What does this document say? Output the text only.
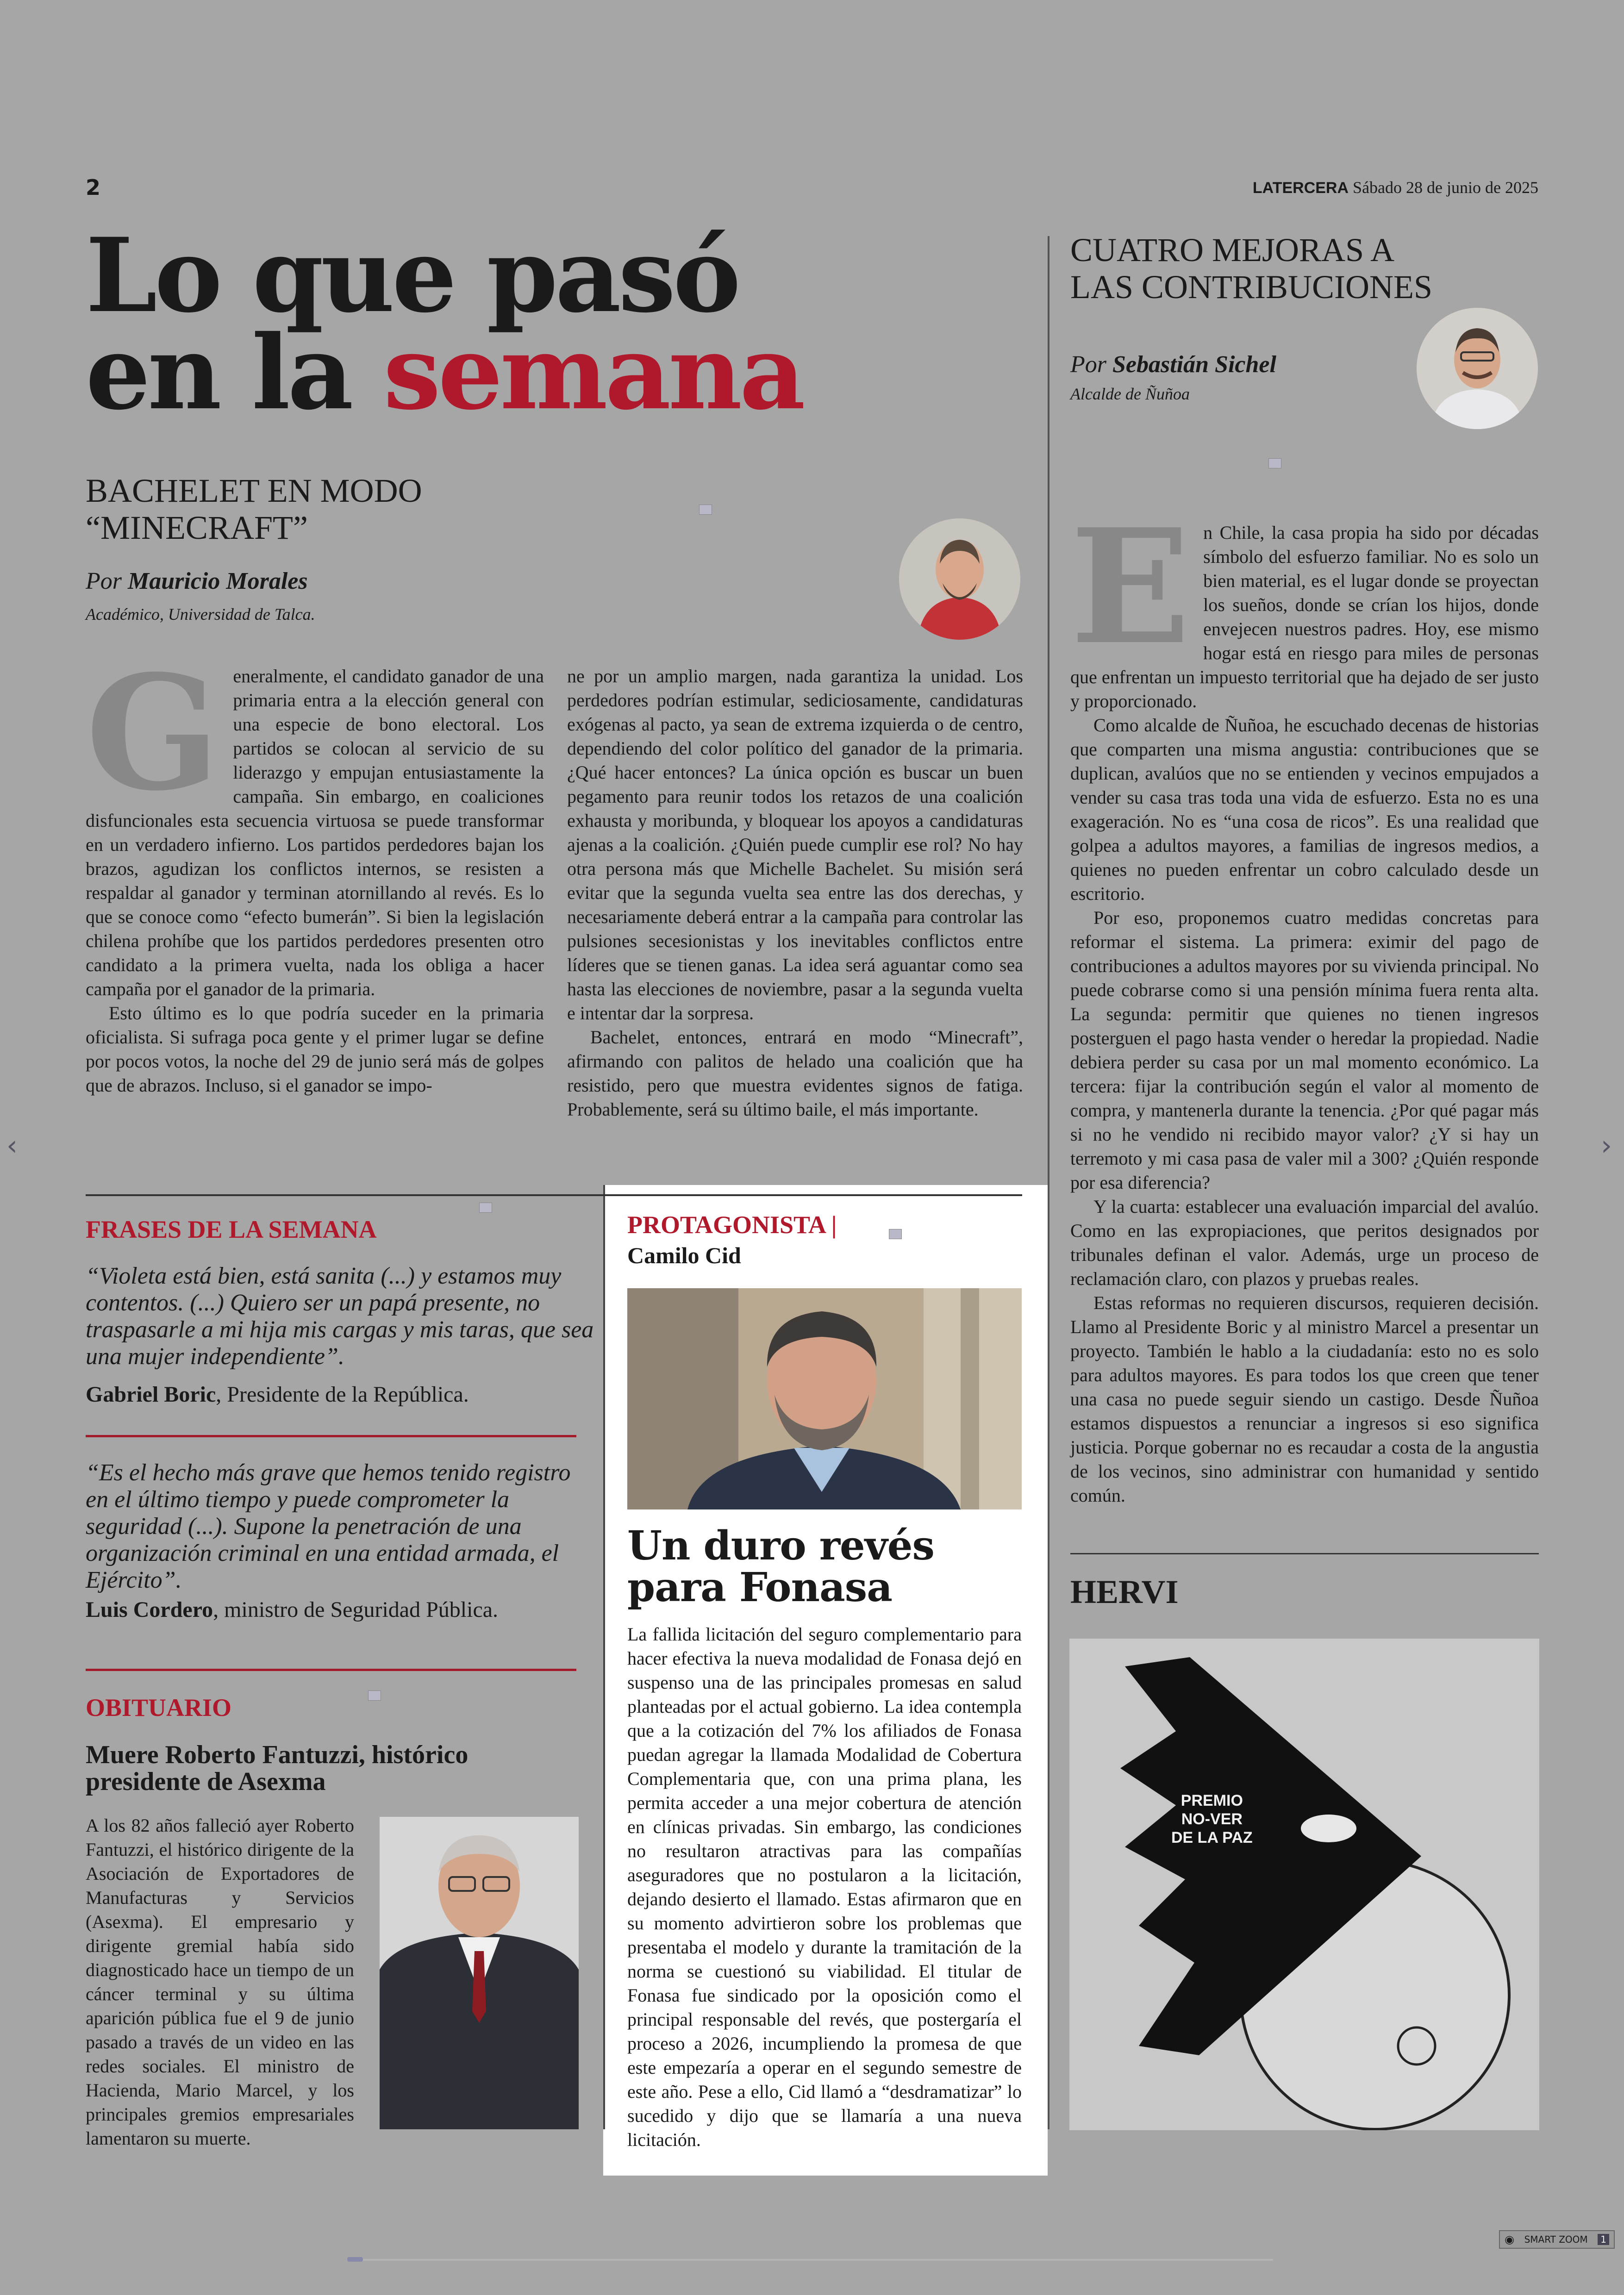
2	LATERCERA Sábado 28 de junio de 2025
Lo que pasó
en la semana
BACHELET EN MODO
“MINECRAFT”
Por Mauricio Morales
Académico, Universidad de Talca.
G eneralmente, el candidato ganador de una primaria entra a la elección general con una especie de bono electoral. Los partidos se colocan al servicio de su liderazgo y empujan entusiastamente la campaña. Sin embargo, en coaliciones disfuncionales esta secuencia virtuosa se puede transformar en un verdadero infierno. Los partidos perdedores bajan los brazos, agudizan los conflictos internos, se resisten a respaldar al ganador y terminan atornillando al revés. Es lo que se conoce como “efecto bumerán”. Si bien la legislación chilena prohíbe que los partidos perdedores presenten otro candidato a la primera vuelta, nada los obliga a hacer campaña por el ganador de la primaria.

Esto último es lo que podría suceder en la primaria oficialista. Si sufraga poca gente y el primer lugar se define por pocos votos, la noche del 29 de junio será más de golpes que de abrazos. Incluso, si el ganador se impo-

ne por un amplio margen, nada garantiza la unidad. Los perdedores podrían estimular, sediciosamente, candidaturas exógenas al pacto, ya sean de extrema izquierda o de centro, dependiendo del color político del ganador de la primaria. ¿Qué hacer entonces? La única opción es buscar un buen pegamento para reunir todos los retazos de una coalición exhausta y moribunda, y bloquear los apoyos a candidaturas ajenas a la coalición. ¿Quién puede cumplir ese rol? No hay otra persona más que Michelle Bachelet. Su misión será evitar que la segunda vuelta sea entre las dos derechas, y necesariamente deberá entrar a la campaña para controlar las pulsiones secesionistas y los inevitables conflictos entre líderes que se tienen ganas. La idea será aguantar como sea hasta las elecciones de noviembre, pasar a la segunda vuelta e intentar dar la sorpresa.

Bachelet, entonces, entrará en modo “Minecraft”, afirmando con palitos de helado una coalición que ha resistido, pero que muestra evidentes signos de fatiga. Probablemente, será su último baile, el más importante.

CUATRO MEJORAS A
LAS CONTRIBUCIONES
Por Sebastián Sichel
Alcalde de Ñuñoa
E n Chile, la casa propia ha sido por décadas símbolo del esfuerzo familiar. No es solo un bien material, es el lugar donde se proyectan los sueños, donde se crían los hijos, donde envejecen nuestros padres. Hoy, ese mismo hogar está en riesgo para miles de personas que enfrentan un impuesto territorial que ha dejado de ser justo y proporcionado.

Como alcalde de Ñuñoa, he escuchado decenas de historias que comparten una misma angustia: contribuciones que se duplican, avalúos que no se entienden y vecinos empujados a vender su casa tras toda una vida de esfuerzo. Esta no es una exageración. No es “una cosa de ricos”. Es una realidad que golpea a adultos mayores, a familias de ingresos medios, a quienes no pueden enfrentar un cobro calculado desde un escritorio.

Por eso, proponemos cuatro medidas concretas para reformar el sistema. La primera: eximir del pago de contribuciones a adultos mayores por su vivienda principal. No puede cobrarse como si una pensión mínima fuera renta alta. La segunda: permitir que quienes no tienen ingresos posterguen el pago hasta vender o heredar la propiedad. Nadie debiera perder su casa por un mal momento económico. La tercera: fijar la contribución según el valor al momento de compra, y mantenerla durante la tenencia. ¿Por qué pagar más si no he vendido ni recibido mayor valor? ¿Y si hay un terremoto y mi casa pasa de valer mil a 300? ¿Quién responde por esa diferencia?

Y la cuarta: establecer una evaluación imparcial del avalúo. Como en las expropiaciones, que peritos designados por tribunales definan el valor. Además, urge un proceso de reclamación claro, con plazos y pruebas reales.

Estas reformas no requieren discursos, requieren decisión. Llamo al Presidente Boric y al ministro Marcel a presentar un proyecto. También le hablo a la ciudadanía: esto no es solo para adultos mayores. Es para todos los que creen que tener una casa no puede seguir siendo un castigo. Desde Ñuñoa estamos dispuestos a renunciar a ingresos si eso significa justicia. Porque gobernar no es recaudar a costa de la angustia de los vecinos, sino administrar con humanidad y sentido común.

FRASES DE LA SEMANA
“Violeta está bien, está sanita (...) y estamos muy contentos. (...) Quiero ser un papá presente, no traspasarle a mi hija mis cargas y mis taras, que sea una mujer independiente”.
Gabriel Boric, Presidente de la República.
“Es el hecho más grave que hemos tenido registro en el último tiempo y puede comprometer la seguridad (...). Supone la penetración de una organización criminal en una entidad armada, el Ejército”.
Luis Cordero, ministro de Seguridad Pública.
OBITUARIO
Muere Roberto Fantuzzi, histórico
presidente de Asexma

A los 82 años falleció ayer Roberto Fantuzzi, el histórico dirigente de la Asociación de Exportadores de Manufacturas y Servicios (Asexma). El empresario y dirigente gremial había sido diagnosticado hace un tiempo de un cáncer terminal y su última aparición pública fue el 9 de junio pasado a través de un video en las redes sociales. El ministro de Hacienda, Mario Marcel, y los principales gremios empresariales lamentaron su muerte.

PROTAGONISTA |
Camilo Cid
Un duro revés
para Fonasa

La fallida licitación del seguro complementario para hacer efectiva la nueva modalidad de Fonasa dejó en suspenso una de las principales promesas en salud planteadas por el actual gobierno. La idea contempla que a la cotización del 7% los afiliados de Fonasa puedan agregar la llamada Modalidad de Cobertura Complementaria que, con una prima plana, les permita acceder a una mejor cobertura de atención en clínicas privadas. Sin embargo, las condiciones no resultaron atractivas para las compañías aseguradores que no postularon a la licitación, dejando desierto el llamado. Estas afirmaron que en su momento advirtieron sobre los problemas que presentaba el modelo y durante la tramitación de la norma se cuestionó su viabilidad. El titular de Fonasa fue sindicado por la oposición como el principal responsable del revés, que postergaría el proceso a 2026, incumpliendo la promesa de que este empezaría a operar en el segundo semestre de este año. Pese a ello, Cid llamó a “desdramatizar” lo sucedido y dijo que se llamaría a una nueva licitación.

HERVI
PREMIO
NO-VER
DE LA PAZ
‹	›
◉ SMART ZOOM	1
